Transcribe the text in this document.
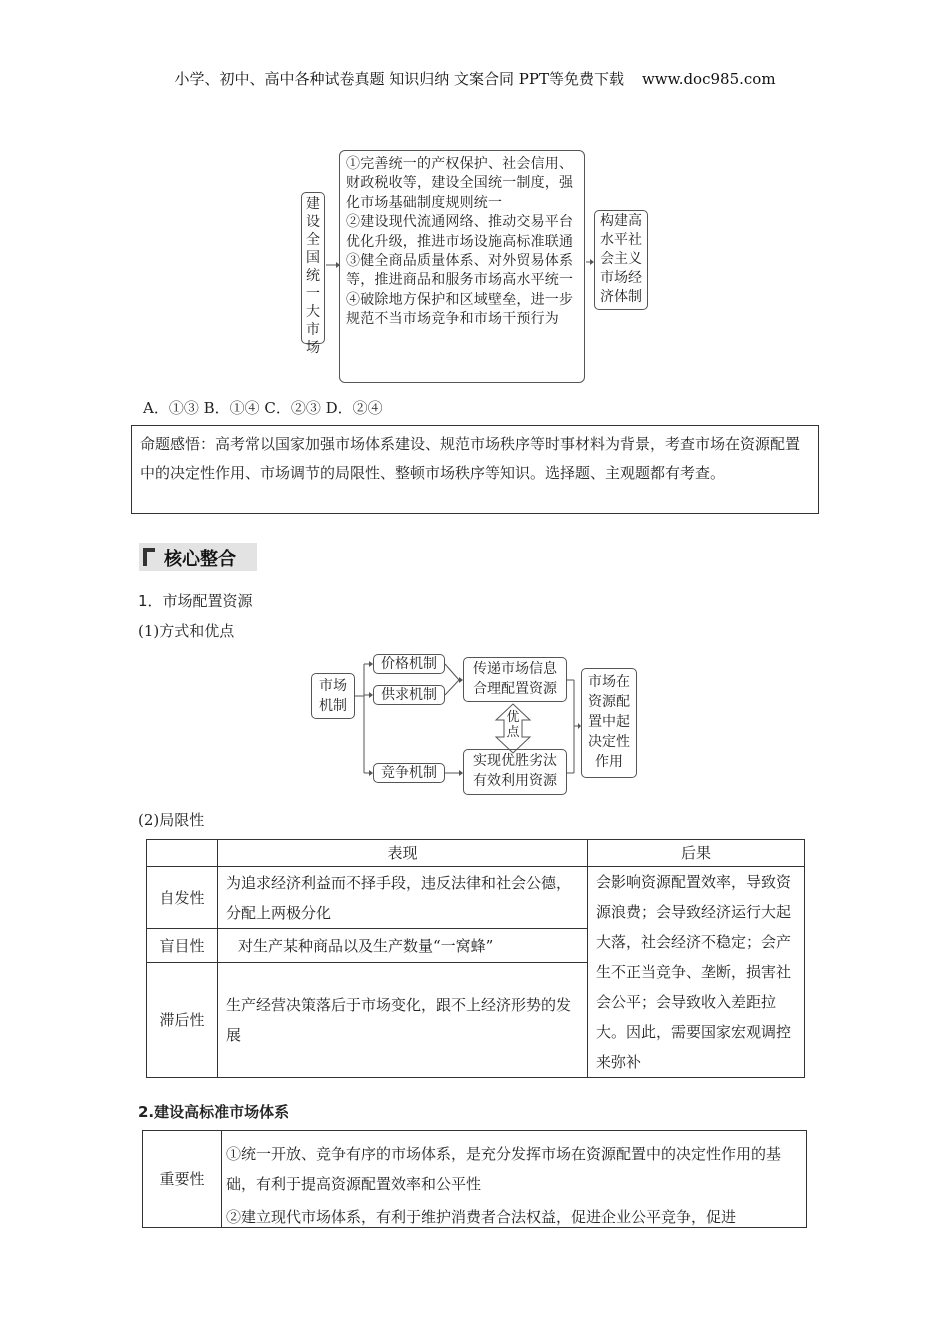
小学、初中、高中各种试卷真题 知识归纳 文案合同 PPT等免费下载 www.doc985.com
建
设
全
国
统
一
大
市
场
①完善统一的产权保护、社会信用、财政税收等，建设全国统一制度，强化市场基础制度规则统一
②建设现代流通网络、推动交易平台优化升级，推进市场设施高标准联通
③健全商品质量体系、对外贸易体系等，推进商品和服务市场高水平统一
④破除地方保护和区域壁垒，进一步规范不当市场竞争和市场干预行为
构建高水平社会主义市场经济体制
A．①③ B．①④ C．②③ D．②④
命题感悟：高考常以国家加强市场体系建设、规范市场秩序等时事材料为背景，考查市场在资源配置中的决定性作用、市场调节的局限性、整顿市场秩序等知识。选择题、主观题都有考查。
核心整合
1．市场配置资源
(1)方式和优点
市场
机制
价格机制
供求机制
竞争机制
传递市场信息
合理配置资源
优
点
实现优胜劣汰
有效利用资源
市场在资源配置中起决定性作用
(2)局限性
	表现	后果
自发性	为追求经济利益而不择手段，违反法律和社会公德，分配上两极分化	会影响资源配置效率，导致资源浪费；会导致经济运行大起大落，社会经济不稳定；会产生不正当竞争、垄断，损害社会公平；会导致收入差距拉大。因此，需要国家宏观调控来弥补
盲目性	对生产某种商品以及生产数量“一窝蜂”	
滞后性	生产经营决策落后于市场变化，跟不上经济形势的发展	
2.建设高标准市场体系
重要性	①统一开放、竞争有序的市场体系，是充分发挥市场在资源配置中的决定性作用的基础，有利于提高资源配置效率和公平性
②建立现代市场体系，有利于维护消费者合法权益，促进企业公平竞争，促进
